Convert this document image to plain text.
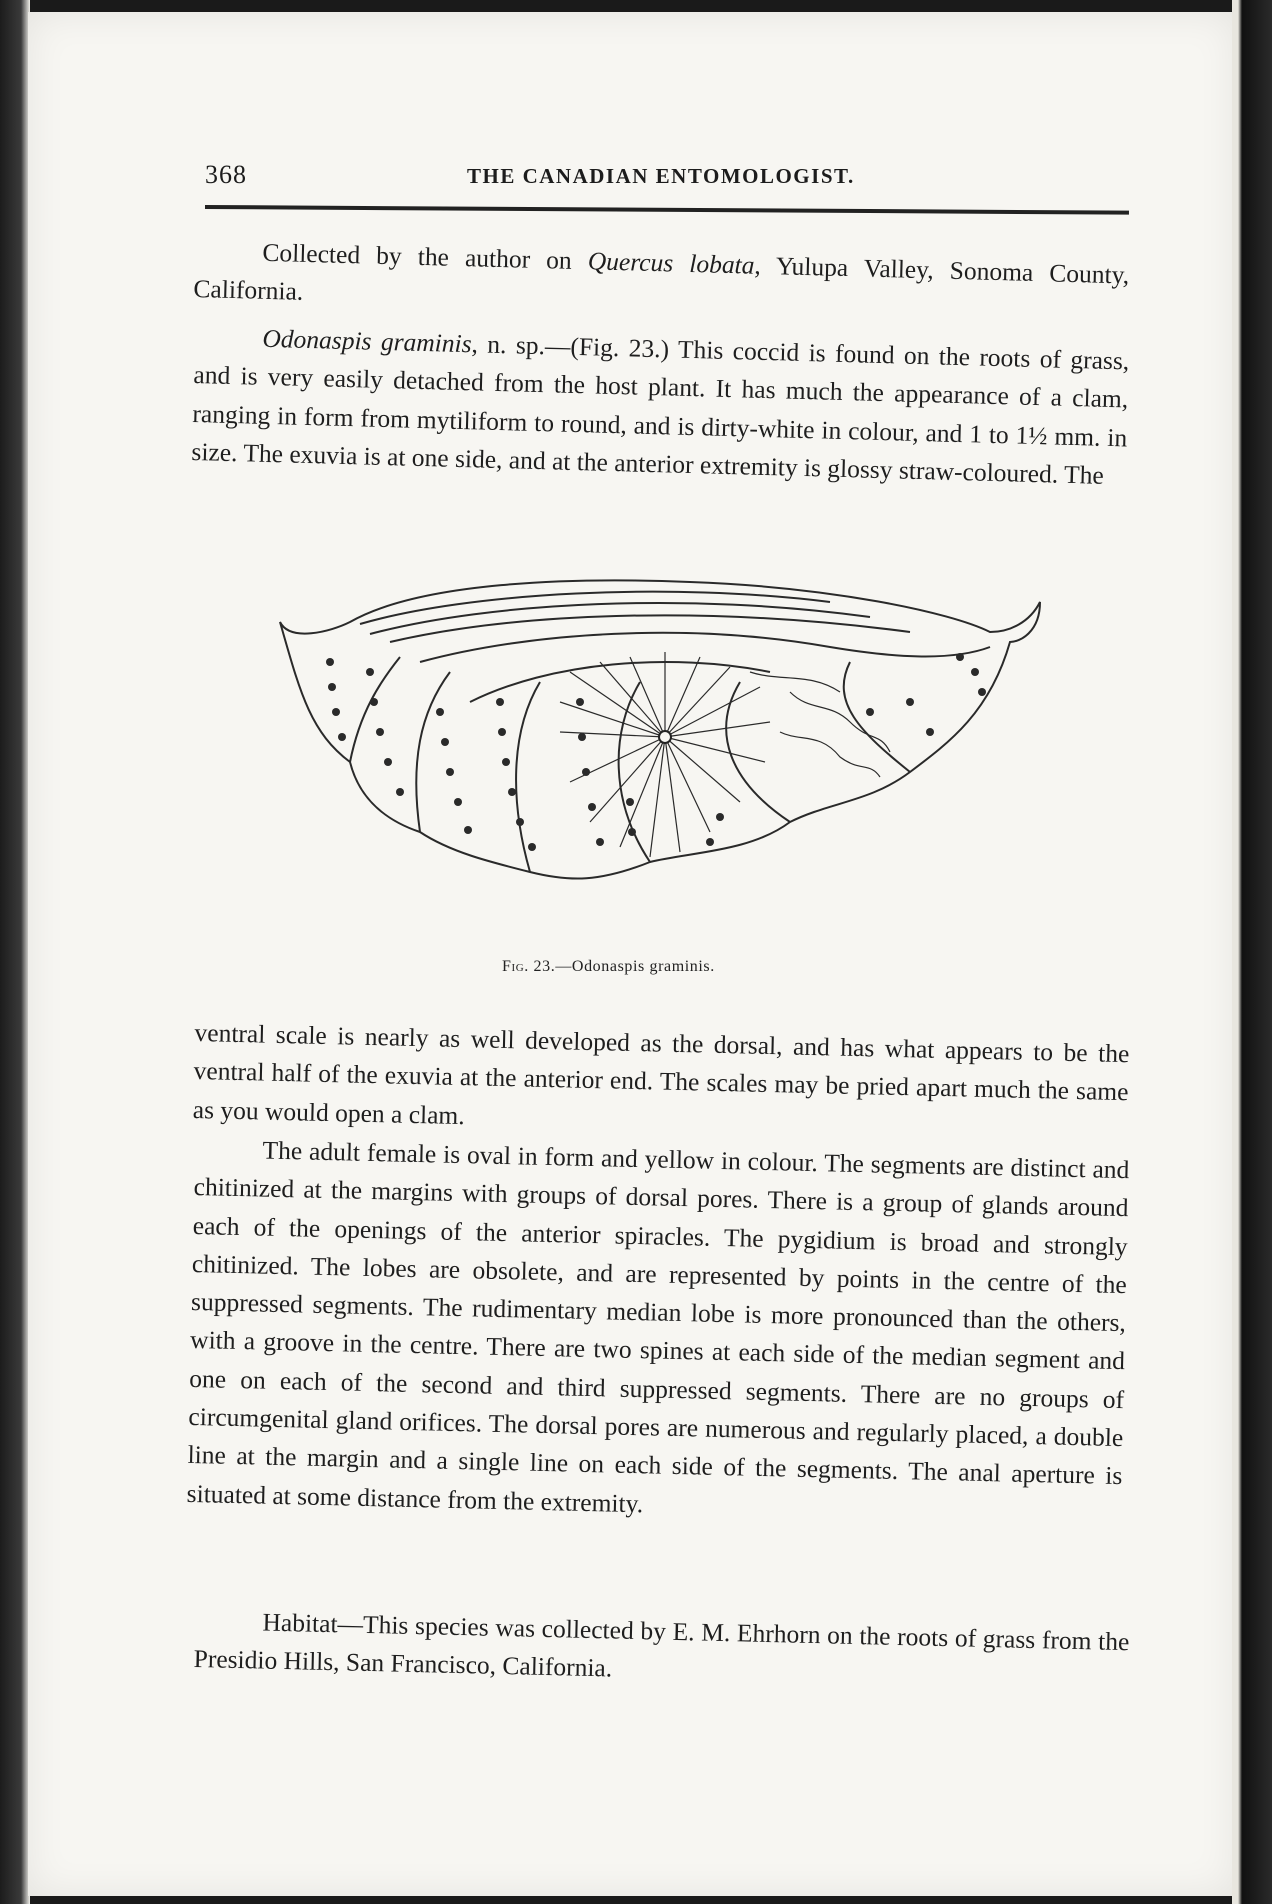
368	THE CANADIAN ENTOMOLOGIST.

Collected by the author on Quercus lobata, Yulupa Valley, Sonoma County, California.

Odonaspis graminis, n. sp.—(Fig. 23.) This coccid is found on the roots of grass, and is very easily detached from the host plant. It has much the appearance of a clam, ranging in form from mytiliform to round, and is dirty-white in colour, and 1 to 1½ mm. in size. The exuvia is at one side, and at the anterior extremity is glossy straw-coloured. The

Fig. 23.—Odonaspis graminis.

ventral scale is nearly as well developed as the dorsal, and has what appears to be the ventral half of the exuvia at the anterior end. The scales may be pried apart much the same as you would open a clam.

The adult female is oval in form and yellow in colour. The segments are distinct and chitinized at the margins with groups of dorsal pores. There is a group of glands around each of the openings of the anterior spiracles. The pygidium is broad and strongly chitinized. The lobes are obsolete, and are represented by points in the centre of the suppressed segments. The rudimentary median lobe is more pronounced than the others, with a groove in the centre. There are two spines at each side of the median segment and one on each of the second and third suppressed segments. There are no groups of circumgenital gland orifices. The dorsal pores are numerous and regularly placed, a double line at the margin and a single line on each side of the segments. The anal aperture is situated at some distance from the extremity.

Habitat—This species was collected by E. M. Ehrhorn on the roots of grass from the Presidio Hills, San Francisco, California.
